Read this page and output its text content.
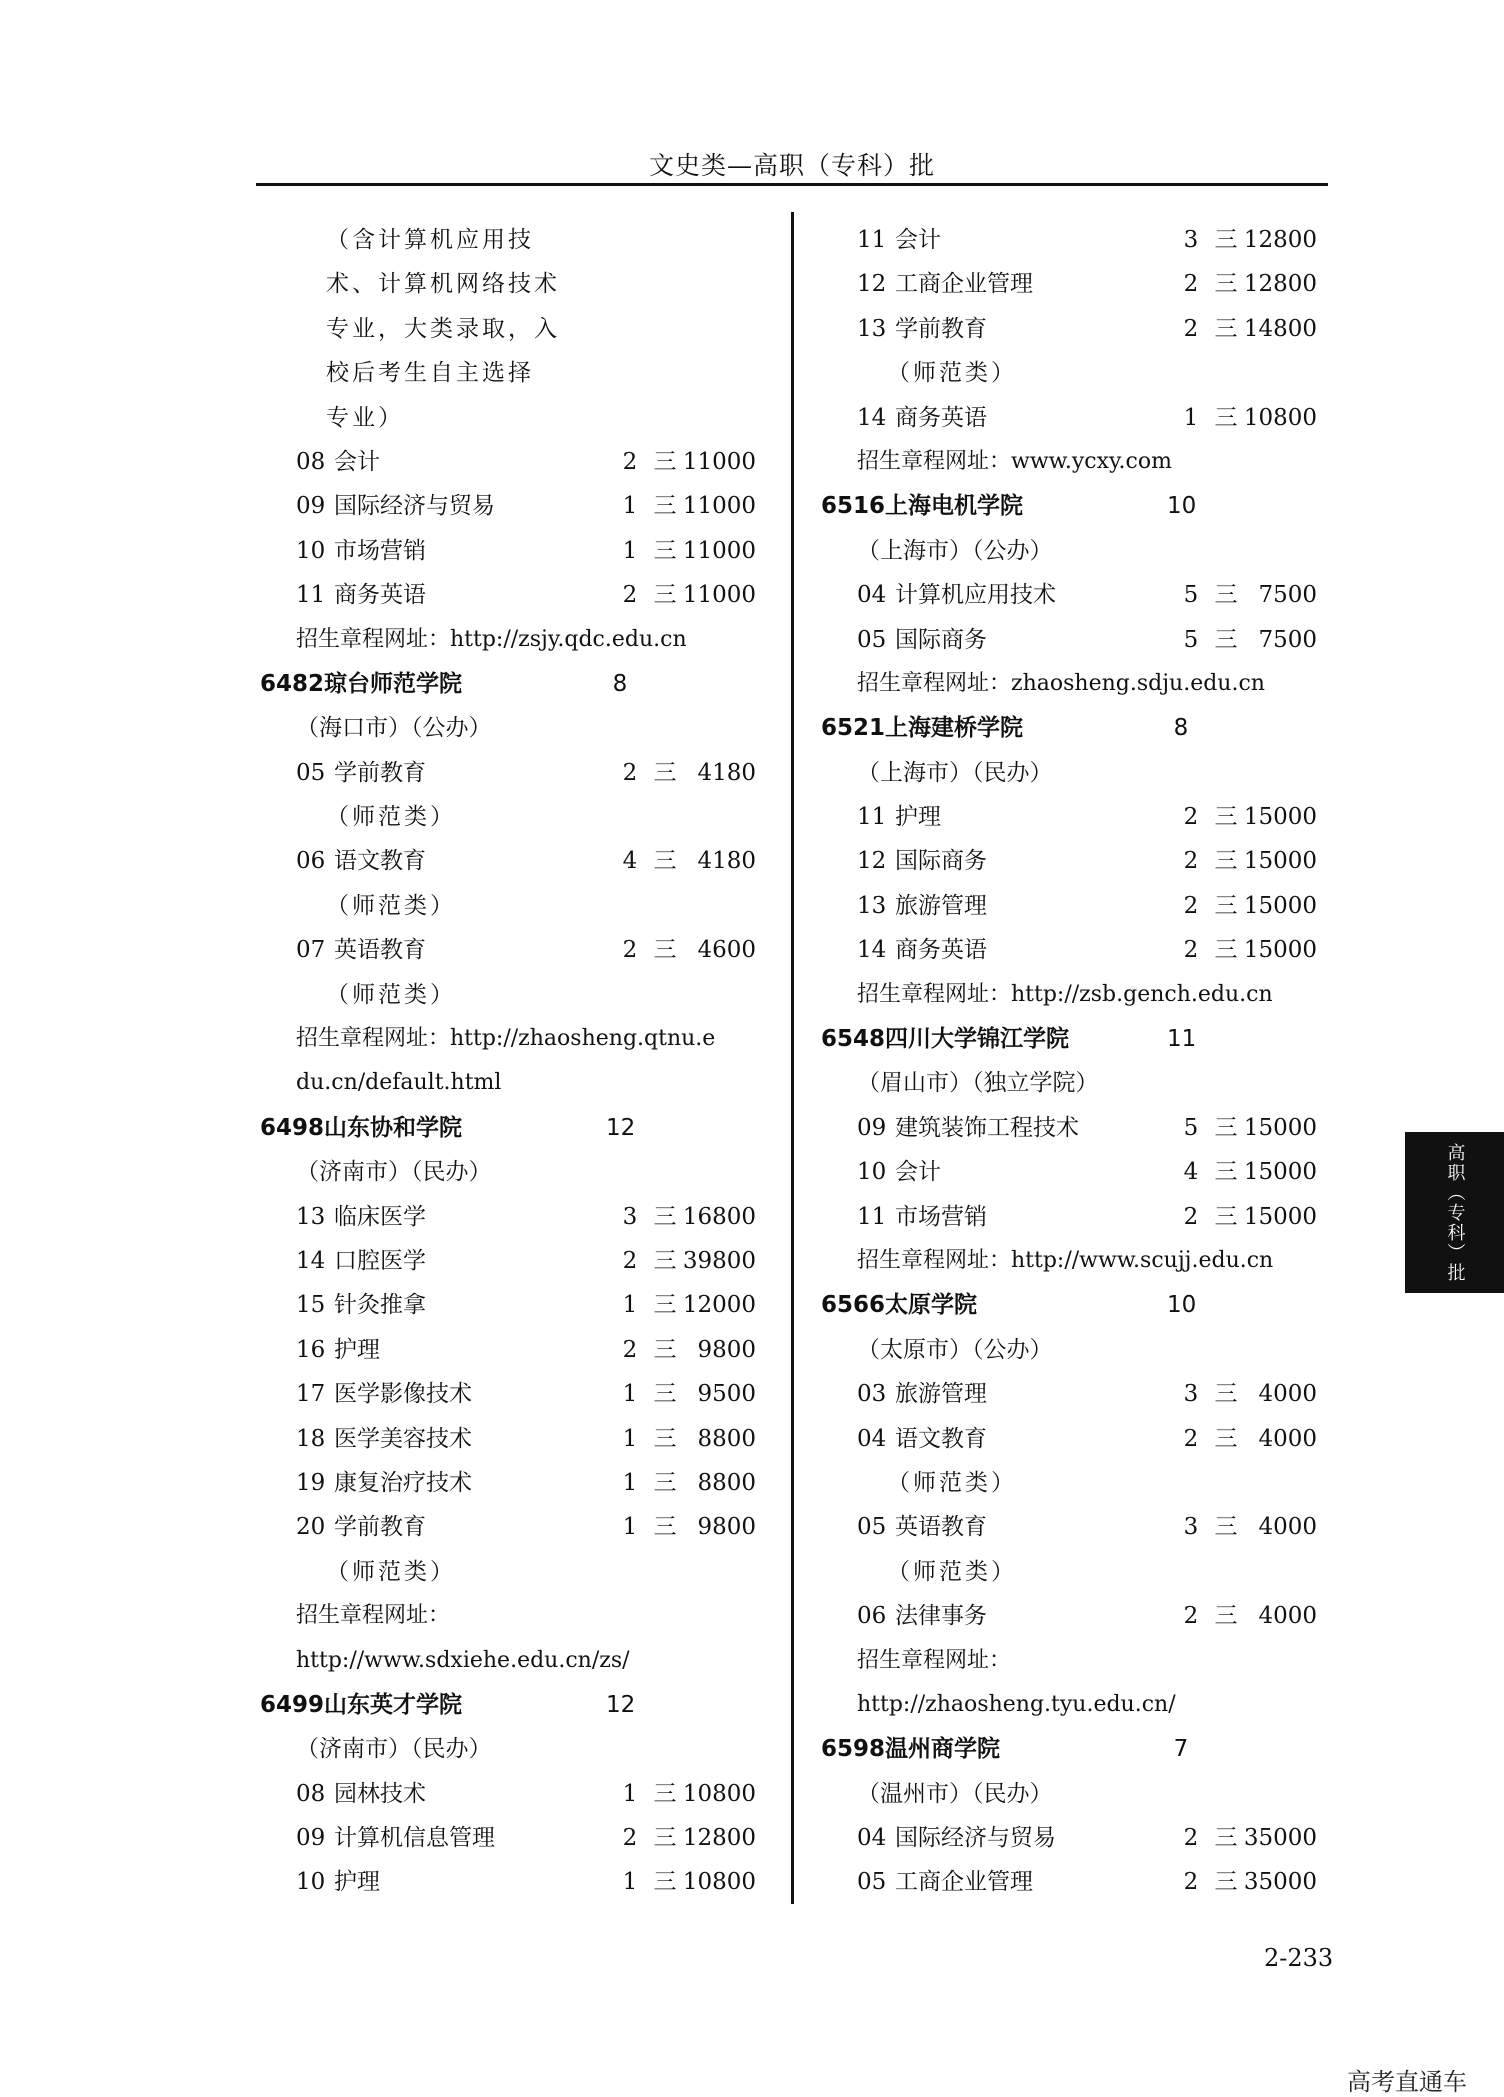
文史类—高职（专科）批
（含计算机应用技
术、计算机网络技术
专业，大类录取，入
校后考生自主选择
专业）
08 会计	2 三 11000
09 国际经济与贸易	1 三 11000
10 市场营销	1 三 11000
11 商务英语	2 三 11000
招生章程网址：http://zsjy.qdc.edu.cn
6482 琼台师范学院	8
（海口市）（公办）
05 学前教育	2 三 4180
（师范类）
06 语文教育	4 三 4180
（师范类）
07 英语教育	2 三 4600
（师范类）
招生章程网址：http://zhaosheng.qtnu.e
du.cn/default.html
6498 山东协和学院	12
（济南市）（民办）
13 临床医学	3 三 16800
14 口腔医学	2 三 39800
15 针灸推拿	1 三 12000
16 护理	2 三 9800
17 医学影像技术	1 三 9500
18 医学美容技术	1 三 8800
19 康复治疗技术	1 三 8800
20 学前教育	1 三 9800
（师范类）
招生章程网址：
http://www.sdxiehe.edu.cn/zs/
6499 山东英才学院	12
（济南市）（民办）
08 园林技术	1 三 10800
09 计算机信息管理	2 三 12800
10 护理	1 三 10800
11 会计	3 三 12800
12 工商企业管理	2 三 12800
13 学前教育	2 三 14800
（师范类）
14 商务英语	1 三 10800
招生章程网址：www.ycxy.com
6516 上海电机学院	10
（上海市）（公办）
04 计算机应用技术	5 三 7500
05 国际商务	5 三 7500
招生章程网址：zhaosheng.sdju.edu.cn
6521 上海建桥学院	8
（上海市）（民办）
11 护理	2 三 15000
12 国际商务	2 三 15000
13 旅游管理	2 三 15000
14 商务英语	2 三 15000
招生章程网址：http://zsb.gench.edu.cn
6548 四川大学锦江学院	11
（眉山市）（独立学院）
09 建筑装饰工程技术	5 三 15000
10 会计	4 三 15000
11 市场营销	2 三 15000
招生章程网址：http://www.scujj.edu.cn
6566 太原学院	10
（太原市）（公办）
03 旅游管理	3 三 4000
04 语文教育	2 三 4000
（师范类）
05 英语教育	3 三 4000
（师范类）
06 法律事务	2 三 4000
招生章程网址：
http://zhaosheng.tyu.edu.cn/
6598 温州商学院	7
（温州市）（民办）
04 国际经济与贸易	2 三 35000
05 工商企业管理	2 三 35000
高职（专科）批
2-233
高考直通车
